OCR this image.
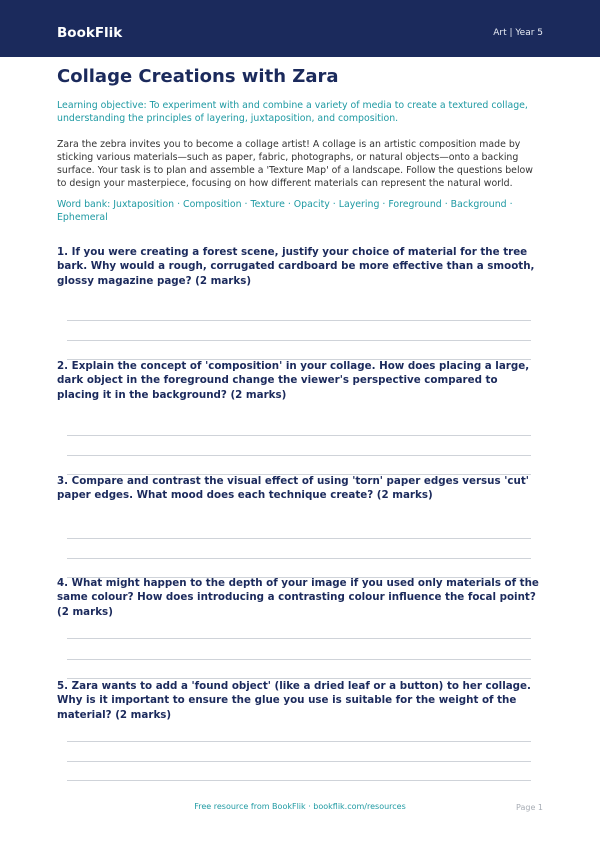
BookFlik	Art | Year 5
Collage Creations with Zara

Learning objective: To experiment with and combine a variety of media to create a textured collage, understanding the principles of layering, juxtaposition, and composition.

Zara the zebra invites you to become a collage artist! A collage is an artistic composition made by sticking various materials—such as paper, fabric, photographs, or natural objects—onto a backing surface. Your task is to plan and assemble a 'Texture Map' of a landscape. Follow the questions below to design your masterpiece, focusing on how different materials can represent the natural world.

Word bank: Juxtaposition · Composition · Texture · Opacity · Layering · Foreground · Background · Ephemeral

1. If you were creating a forest scene, justify your choice of material for the tree bark. Why would a rough, corrugated cardboard be more effective than a smooth, glossy magazine page? (2 marks)

2. Explain the concept of 'composition' in your collage. How does placing a large, dark object in the foreground change the viewer's perspective compared to placing it in the background? (2 marks)

3. Compare and contrast the visual effect of using 'torn' paper edges versus 'cut' paper edges. What mood does each technique create? (2 marks)

4. What might happen to the depth of your image if you used only materials of the same colour? How does introducing a contrasting colour influence the focal point? (2 marks)

5. Zara wants to add a 'found object' (like a dried leaf or a button) to her collage. Why is it important to ensure the glue you use is suitable for the weight of the material? (2 marks)

Free resource from BookFlik · bookflik.com/resources	Page 1
